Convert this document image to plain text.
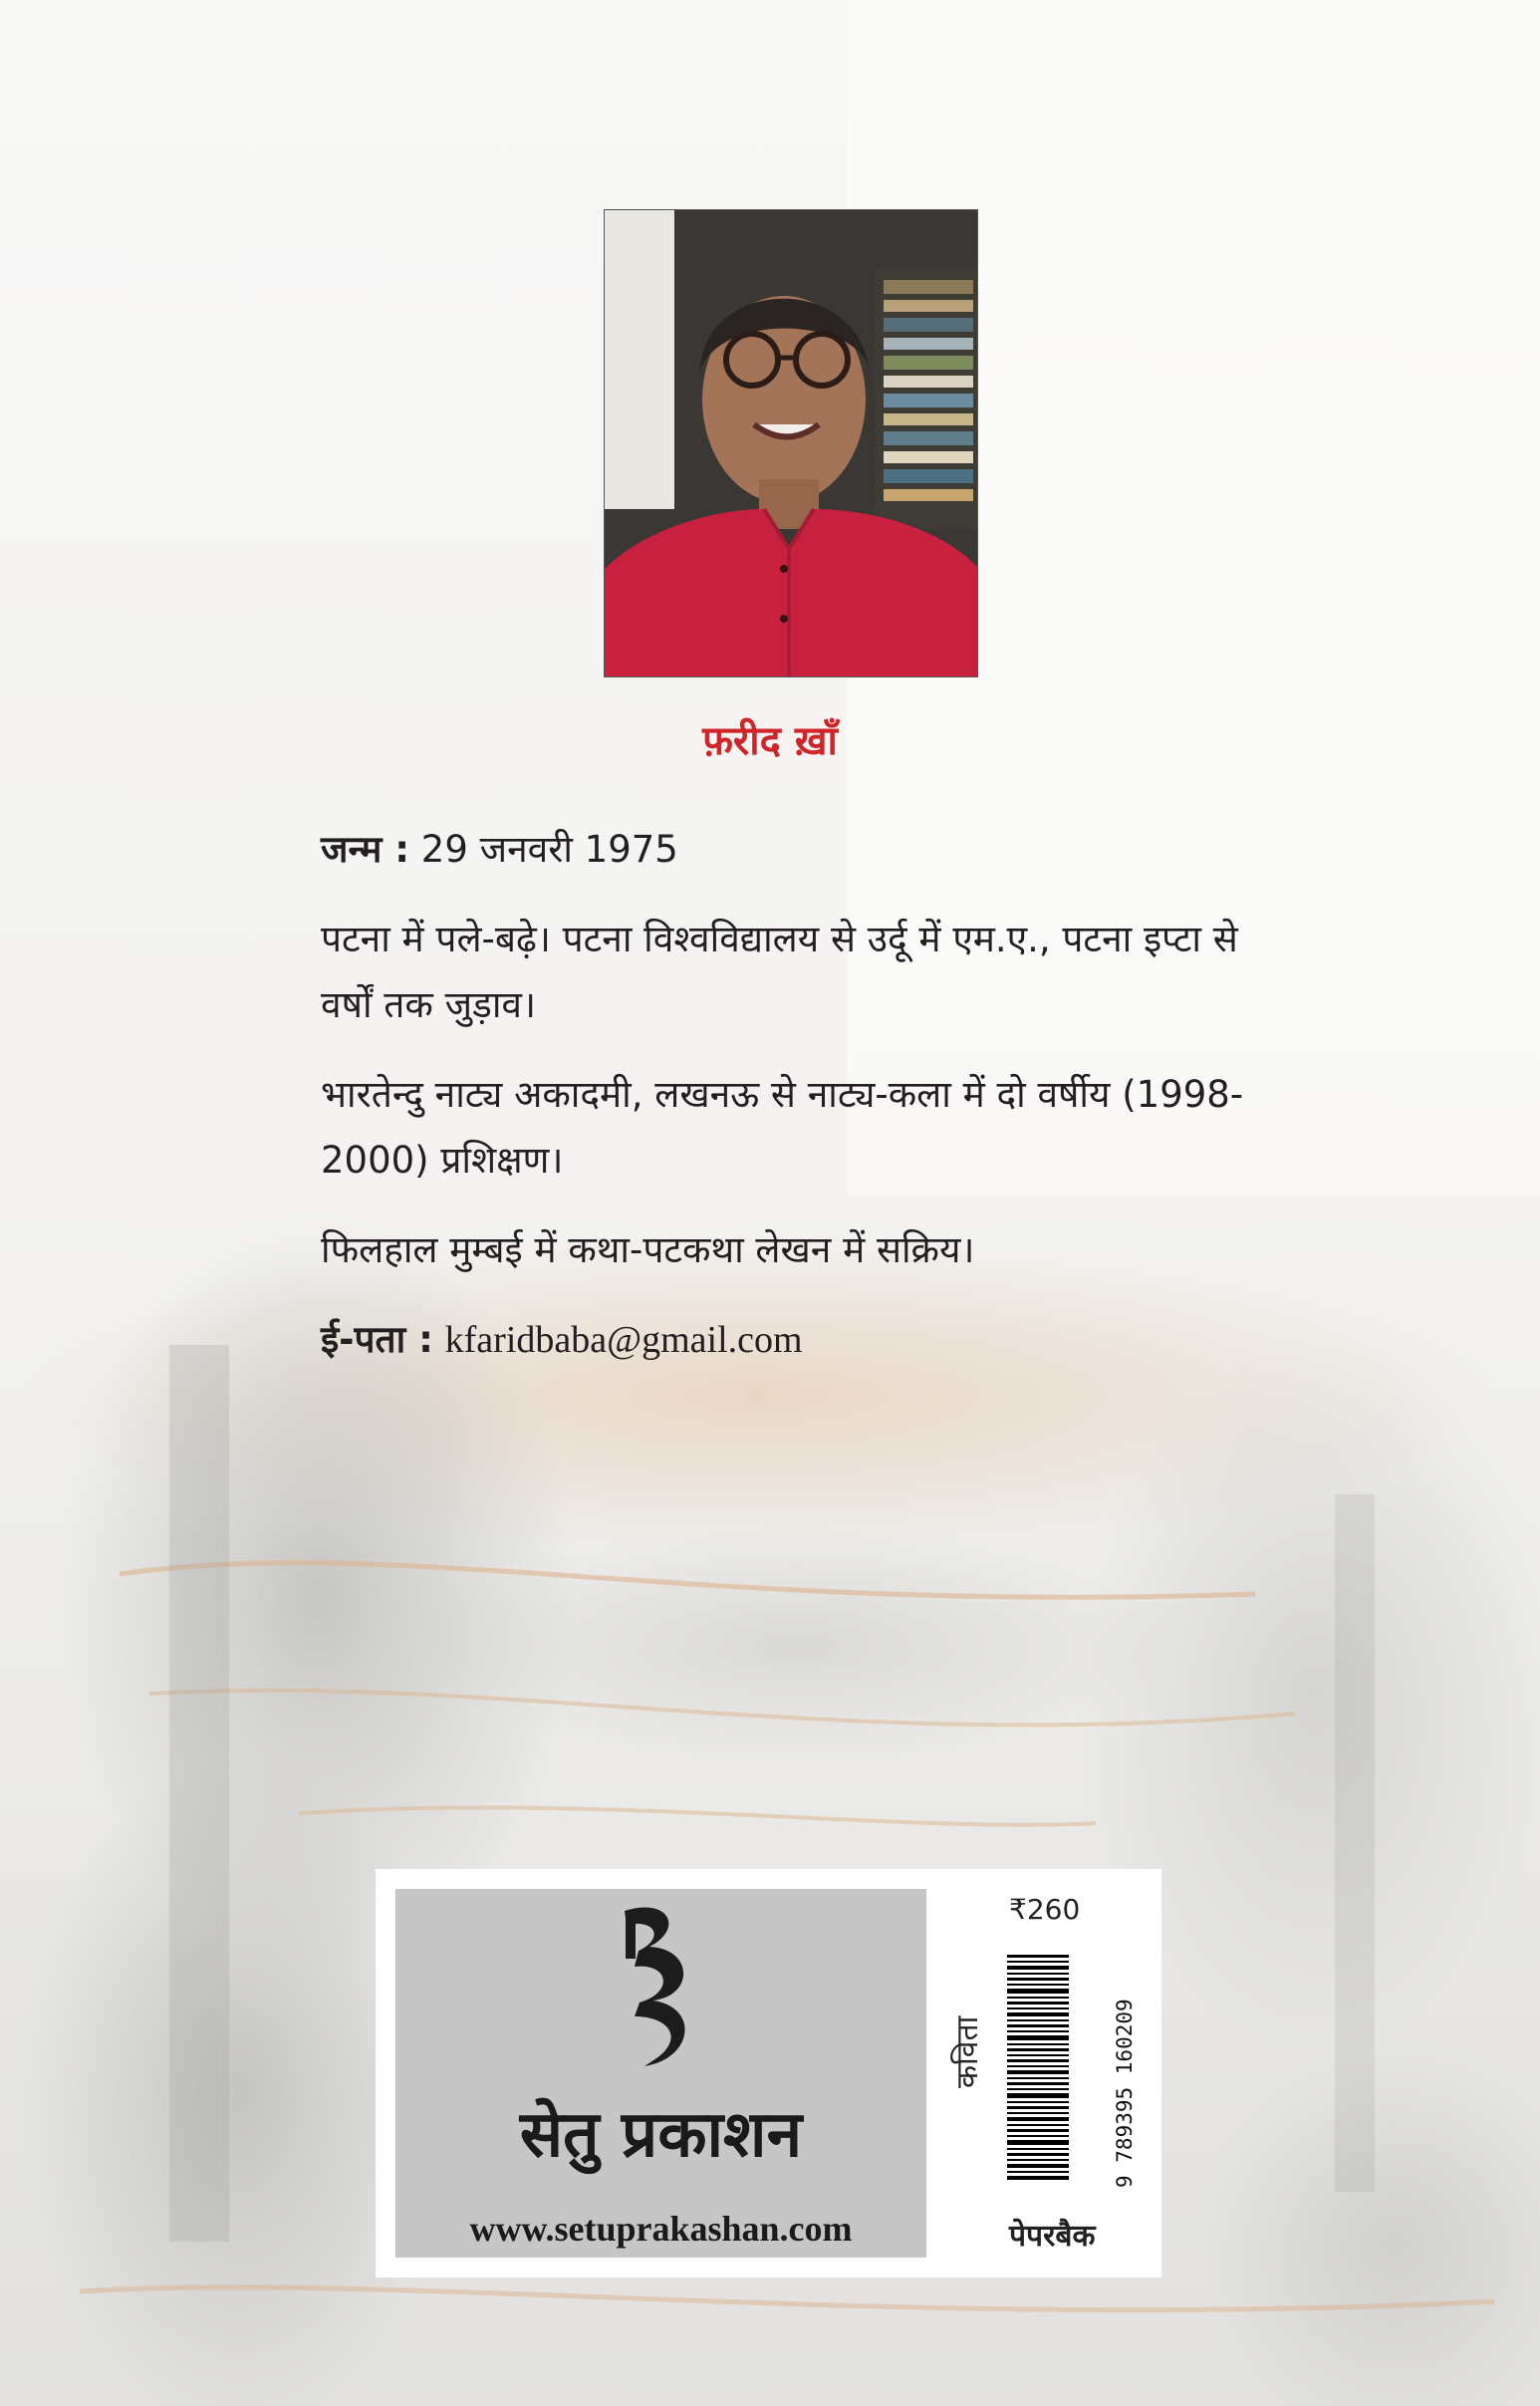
फ़रीद ख़ाँ

जन्म : 29 जनवरी 1975

पटना में पले-बढ़े। पटना विश्वविद्यालय से उर्दू में एम.ए., पटना इप्टा से वर्षों तक जुड़ाव।

भारतेन्दु नाट्य अकादमी, लखनऊ से नाट्य-कला में दो वर्षीय (1998-2000) प्रशिक्षण।

फिलहाल मुम्बई में कथा-पटकथा लेखन में सक्रिय।

ई-पता : kfaridbaba@gmail.com

सेतु प्रकाशन
www.setuprakashan.com
₹260
कविता	9 789395 160209
पेपरबैक
